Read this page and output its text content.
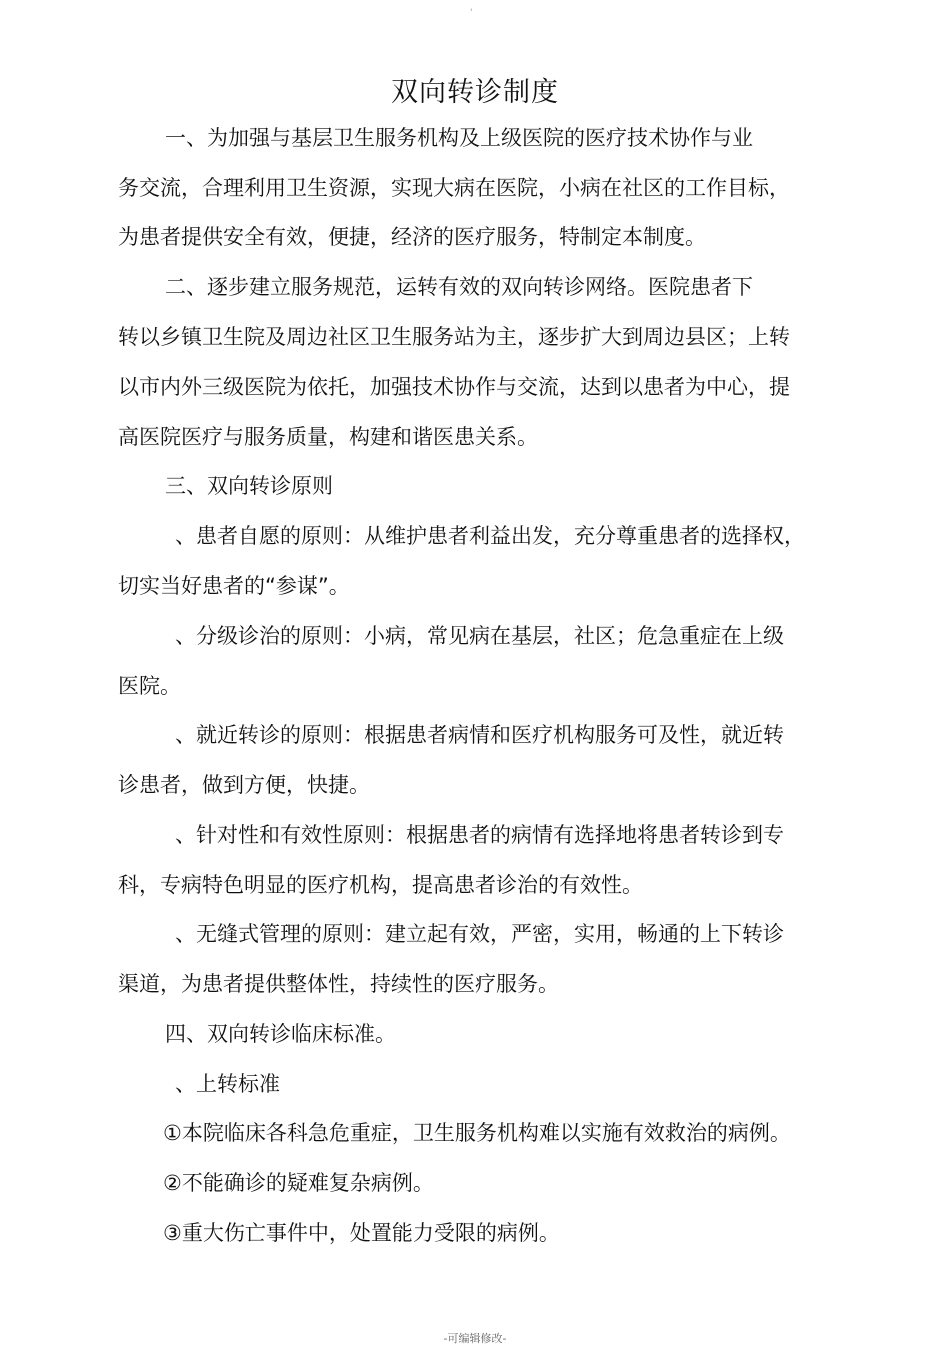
'
双向转诊制度
一、为加强与基层卫生服务机构及上级医院的医疗技术协作与业
务交流，合理利用卫生资源，实现大病在医院，小病在社区的工作目标，
为患者提供安全有效，便捷，经济的医疗服务，特制定本制度。
二、逐步建立服务规范，运转有效的双向转诊网络。医院患者下
转以乡镇卫生院及周边社区卫生服务站为主，逐步扩大到周边县区；上转
以市内外三级医院为依托，加强技术协作与交流，达到以患者为中心，提
高医院医疗与服务质量，构建和谐医患关系。
三、双向转诊原则
、患者自愿的原则：从维护患者利益出发，充分尊重患者的选择权，
切实当好患者的“参谋”。
、分级诊治的原则：小病，常见病在基层，社区；危急重症在上级
医院。
、就近转诊的原则：根据患者病情和医疗机构服务可及性，就近转
诊患者，做到方便，快捷。
、针对性和有效性原则：根据患者的病情有选择地将患者转诊到专
科，专病特色明显的医疗机构，提高患者诊治的有效性。
、无缝式管理的原则：建立起有效，严密，实用，畅通的上下转诊
渠道，为患者提供整体性，持续性的医疗服务。
四、双向转诊临床标准。
、上转标准
①本院临床各科急危重症，卫生服务机构难以实施有效救治的病例。
②不能确诊的疑难复杂病例。
③重大伤亡事件中，处置能力受限的病例。
-可编辑修改-
